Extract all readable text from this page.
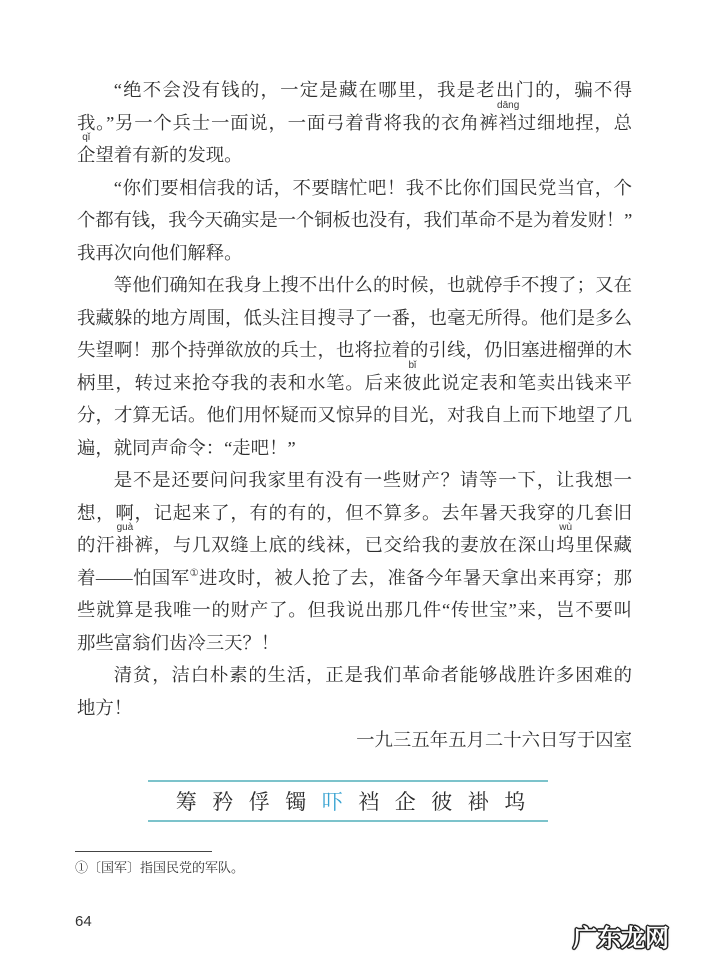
“绝不会没有钱的，一定是藏在哪里，我是老出门的，骗不得
我。”另一个兵士一面说，一面弓着背将我的衣角裤裆
dāng
过细地捏，总
企
qǐ
望着有新的发现。
“你们要相信我的话，不要瞎忙吧！我不比你们国民党当官，个
个都有钱，我今天确实是一个铜板也没有，我们革命不是为着发财！”
我再次向他们解释。
等他们确知在我身上搜不出什么的时候，也就停手不搜了；又在
我藏躲的地方周围，低头注目搜寻了一番，也毫无所得。他们是多么
失望啊！那个持弹欲放的兵士，也将拉着的引线，仍旧塞进榴弹的木
柄里，转过来抢夺我的表和水笔。后来彼
bǐ
此说定表和笔卖出钱来平
分，才算无话。他们用怀疑而又惊异的目光，对我自上而下地望了几
遍，就同声命令：“走吧！”
是不是还要问问我家里有没有一些财产？请等一下，让我想一
想，啊，记起来了，有的有的，但不算多。去年暑天我穿的几套旧
的汗褂
guà
裤，与几双缝上底的线袜，已交给我的妻放在深山坞
wù
里保藏
着——怕国军①进攻时，被人抢了去，准备今年暑天拿出来再穿；那
些就算是我唯一的财产了。但我说出那几件“传世宝”来，岂不要叫
那些富翁们齿冷三天？！
清贫，洁白朴素的生活，正是我们革命者能够战胜许多困难的
地方！
一九三五年五月二十六日写于囚室
筹 矜 俘 镯 吓 裆 企 彼 褂 坞
①〔国军〕指国民党的军队。
64
广东龙网
